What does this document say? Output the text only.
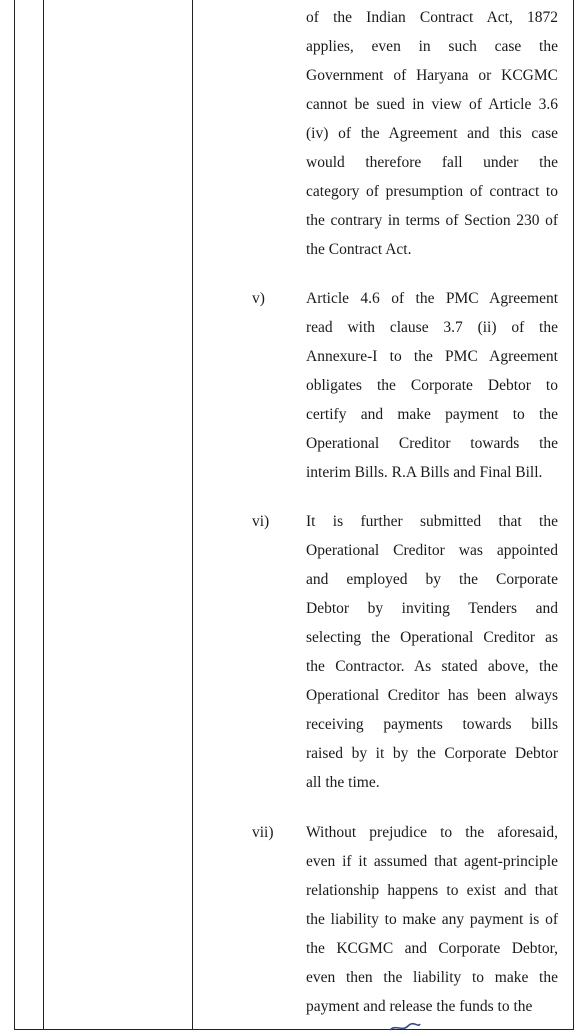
of the Indian Contract Act, 1872
applies, even in such case the
Government of Haryana or KCGMC
cannot be sued in view of Article 3.6
(iv) of the Agreement and this case
would therefore fall under the
category of presumption of contract to
the contrary in terms of Section 230 of
the Contract Act.
v)	Article 4.6 of the PMC Agreement
read with clause 3.7 (ii) of the
Annexure-I to the PMC Agreement
obligates the Corporate Debtor to
certify and make payment to the
Operational Creditor towards the
interim Bills. R.A Bills and Final Bill.
vi)	It is further submitted that the
Operational Creditor was appointed
and employed by the Corporate
Debtor by inviting Tenders and
selecting the Operational Creditor as
the Contractor. As stated above, the
Operational Creditor has been always
receiving payments towards bills
raised by it by the Corporate Debtor
all the time.
vii)	Without prejudice to the aforesaid,
even if it assumed that agent-principle
relationship happens to exist and that
the liability to make any payment is of
the KCGMC and Corporate Debtor,
even then the liability to make the
payment and release the funds to the
